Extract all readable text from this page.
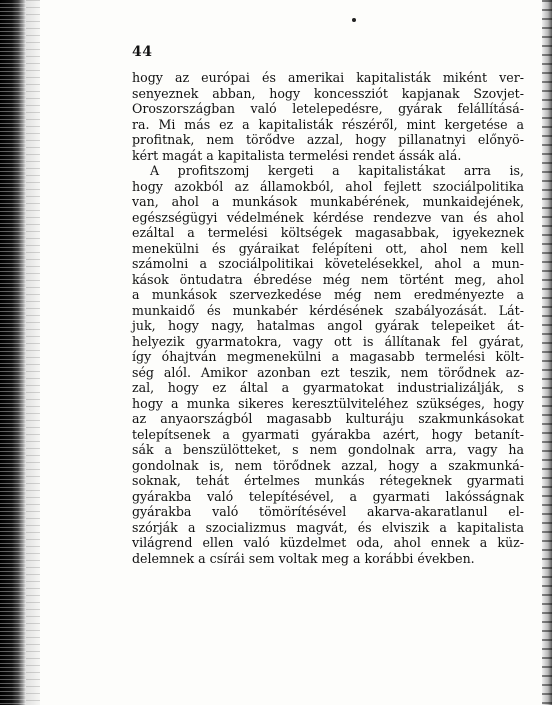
44
hogy az európai és amerikai kapitalisták miként ver-
senyeznek abban, hogy koncessziót kapjanak Szovjet-
Oroszországban való letelepedésre, gyárak felállításá-
ra. Mi más ez a kapitalisták részéről, mint kergetése a
profitnak, nem törődve azzal, hogy pillanatnyi előnyö-
kért magát a kapitalista termelési rendet ássák alá.
A profitszomj kergeti a kapitalistákat arra is,
hogy azokból az államokból, ahol fejlett szociálpolitika
van, ahol a munkások munkabérének, munkaidejének,
egészségügyi védelmének kérdése rendezve van és ahol
ezáltal a termelési költségek magasabbak, igyekeznek
menekülni és gyáraikat felépíteni ott, ahol nem kell
számolni a szociálpolitikai követelésekkel, ahol a mun-
kások öntudatra ébredése még nem történt meg, ahol
a munkások szervezkedése még nem eredményezte a
munkaidő és munkabér kérdésének szabályozását. Lát-
juk, hogy nagy, hatalmas angol gyárak telepeiket át-
helyezik gyarmatokra, vagy ott is állítanak fel gyárat,
így óhajtván megmenekülni a magasabb termelési költ-
ség alól. Amikor azonban ezt teszik, nem törődnek az-
zal, hogy ez által a gyarmatokat industrializálják, s
hogy a munka sikeres keresztülviteléhez szükséges, hogy
az anyaországból magasabb kulturáju szakmunkásokat
telepítsenek a gyarmati gyárakba azért, hogy betanít-
sák a benszülötteket, s nem gondolnak arra, vagy ha
gondolnak is, nem törődnek azzal, hogy a szakmunká-
soknak, tehát értelmes munkás rétegeknek gyarmati
gyárakba való telepítésével, a gyarmati lakósságnak
gyárakba való tömörítésével akarva-akaratlanul el-
szórják a szocializmus magvát, és elviszik a kapitalista
világrend ellen való küzdelmet oda, ahol ennek a küz-
delemnek a csírái sem voltak meg a korábbi években.
